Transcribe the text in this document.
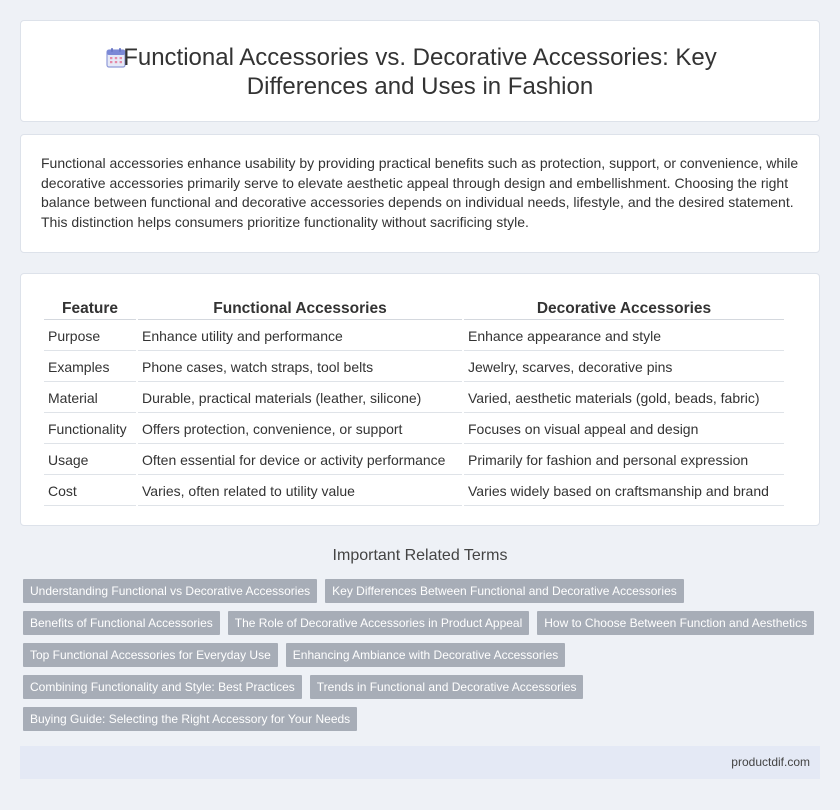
Functional Accessories vs. Decorative Accessories: Key
Differences and Uses in Fashion

Functional accessories enhance usability by providing practical benefits such as protection, support, or convenience, while decorative accessories primarily serve to elevate aesthetic appeal through design and embellishment. Choosing the right balance between functional and decorative accessories depends on individual needs, lifestyle, and the desired statement. This distinction helps consumers prioritize functionality without sacrificing style.

Feature	Functional Accessories	Decorative Accessories
Purpose	Enhance utility and performance	Enhance appearance and style
Examples	Phone cases, watch straps, tool belts	Jewelry, scarves, decorative pins
Material	Durable, practical materials (leather, silicone)	Varied, aesthetic materials (gold, beads, fabric)
Functionality	Offers protection, convenience, or support	Focuses on visual appeal and design
Usage	Often essential for device or activity performance	Primarily for fashion and personal expression
Cost	Varies, often related to utility value	Varies widely based on craftsmanship and brand
Important Related Terms
Understanding Functional vs Decorative Accessories	Key Differences Between Functional and Decorative Accessories
Benefits of Functional Accessories	The Role of Decorative Accessories in Product Appeal	How to Choose Between Function and Aesthetics
Top Functional Accessories for Everyday Use	Enhancing Ambiance with Decorative Accessories
Combining Functionality and Style: Best Practices	Trends in Functional and Decorative Accessories
Buying Guide: Selecting the Right Accessory for Your Needs
productdif.com
